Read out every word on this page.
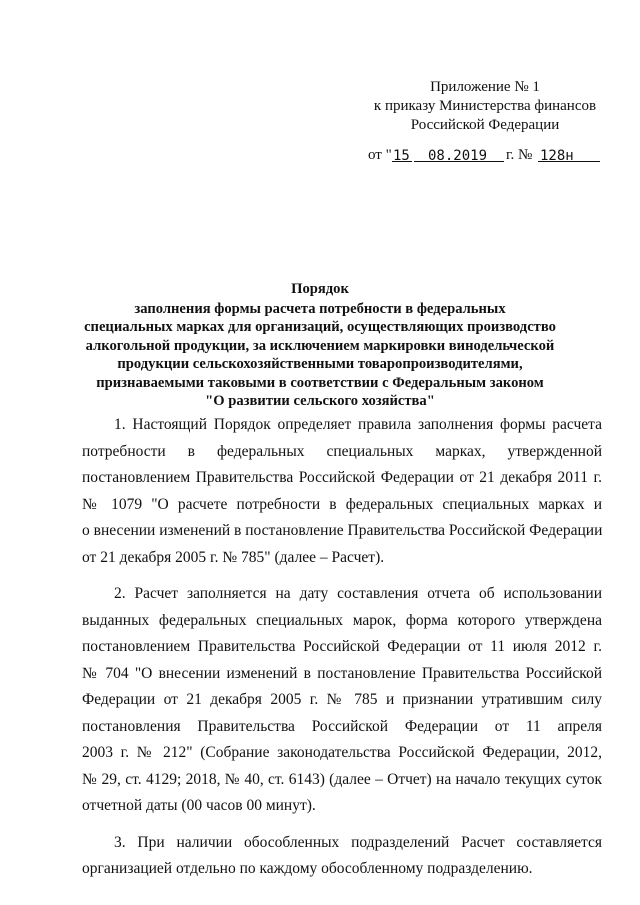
Приложение № 1
к приказу Министерства финансов
Российской Федерации
от " 15 08.2019 г. № 128н
Порядок
заполнения формы расчета потребности в федеральных
специальных марках для организаций, осуществляющих производство
алкогольной продукции, за исключением маркировки винодельческой
продукции сельскохозяйственными товаропроизводителями,
признаваемыми таковыми в соответствии с Федеральным законом
"О развитии сельского хозяйства"

1. Настоящий Порядок определяет правила заполнения формы расчета
потребности в федеральных специальных марках, утвержденной
постановлением Правительства Российской Федерации от 21 декабря 2011 г.
№ 1079 "О расчете потребности в федеральных специальных марках и
о внесении изменений в постановление Правительства Российской Федерации
от 21 декабря 2005 г. № 785" (далее – Расчет).

2. Расчет заполняется на дату составления отчета об использовании
выданных федеральных специальных марок, форма которого утверждена
постановлением Правительства Российской Федерации от 11 июля 2012 г.
№ 704 "О внесении изменений в постановление Правительства Российской
Федерации от 21 декабря 2005 г. № 785 и признании утратившим силу
постановления Правительства Российской Федерации от 11 апреля
2003 г. № 212" (Собрание законодательства Российской Федерации, 2012,
№ 29, ст. 4129; 2018, № 40, ст. 6143) (далее – Отчет) на начало текущих суток
отчетной даты (00 часов 00 минут).

3. При наличии обособленных подразделений Расчет составляется
организацией отдельно по каждому обособленному подразделению.
